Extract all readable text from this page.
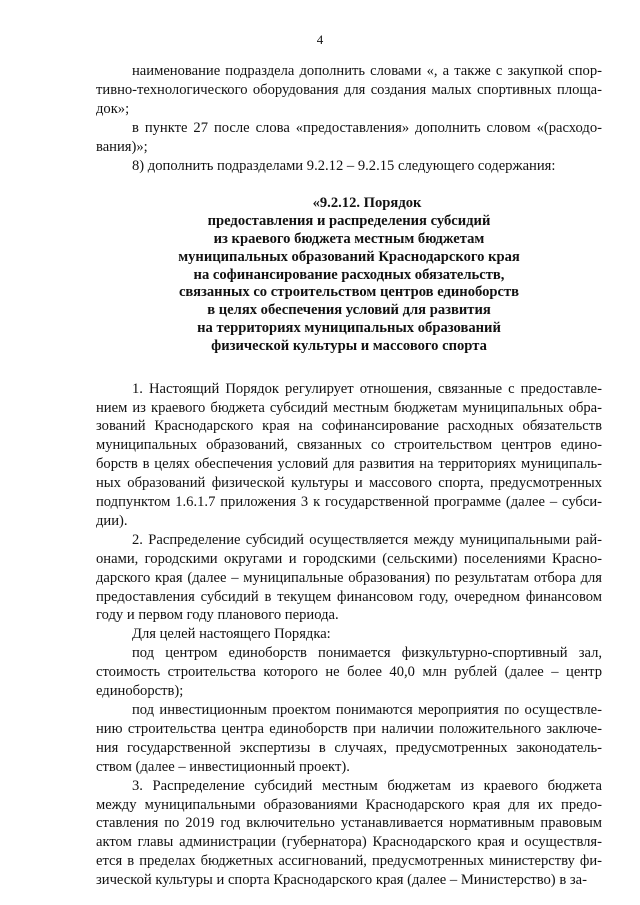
4
наименование подраздела дополнить словами «, а также с закупкой спор-
тивно-технологического оборудования для создания малых спортивных площа-
док»;
в пункте 27 после слова «предоставления» дополнить словом «(расходо-
вания)»;
8) дополнить подразделами 9.2.12 – 9.2.15 следующего содержания:
«9.2.12. Порядок
предоставления и распределения субсидий
из краевого бюджета местным бюджетам
муниципальных образований Краснодарского края
на софинансирование расходных обязательств,
связанных со строительством центров единоборств
в целях обеспечения условий для развития
на территориях муниципальных образований
физической культуры и массового спорта
1. Настоящий Порядок регулирует отношения, связанные с предоставле-
нием из краевого бюджета субсидий местным бюджетам муниципальных обра-
зований Краснодарского края на софинансирование расходных обязательств
муниципальных образований, связанных со строительством центров едино-
борств в целях обеспечения условий для развития на территориях муниципаль-
ных образований физической культуры и массового спорта, предусмотренных
подпунктом 1.6.1.7 приложения 3 к государственной программе (далее – субси-
дии).
2. Распределение субсидий осуществляется между муниципальными рай-
онами, городскими округами и городскими (сельскими) поселениями Красно-
дарского края (далее – муниципальные образования) по результатам отбора для
предоставления субсидий в текущем финансовом году, очередном финансовом
году и первом году планового периода.
Для целей настоящего Порядка:
под центром единоборств понимается физкультурно-спортивный зал,
стоимость строительства которого не более 40,0 млн рублей (далее – центр
единоборств);
под инвестиционным проектом понимаются мероприятия по осуществле-
нию строительства центра единоборств при наличии положительного заключе-
ния государственной экспертизы в случаях, предусмотренных законодатель-
ством (далее – инвестиционный проект).
3. Распределение субсидий местным бюджетам из краевого бюджета
между муниципальными образованиями Краснодарского края для их предо-
ставления по 2019 год включительно устанавливается нормативным правовым
актом главы администрации (губернатора) Краснодарского края и осуществля-
ется в пределах бюджетных ассигнований, предусмотренных министерству фи-
зической культуры и спорта Краснодарского края (далее – Министерство) в за-
